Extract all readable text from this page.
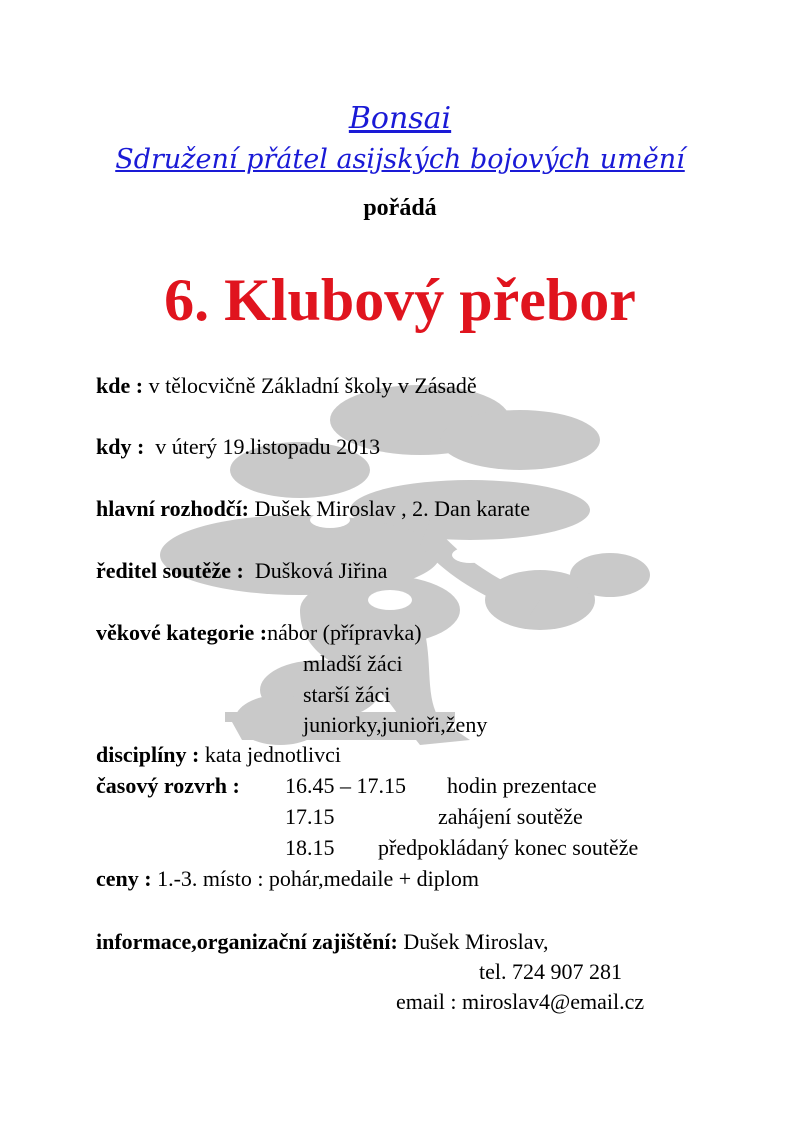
Bonsai
Sdružení přátel asijských bojových umění
pořádá
6. Klubový přebor
kde : v tělocvičně Základní školy v Zásadě
kdy : v úterý 19.listopadu 2013
hlavní rozhodčí: Dušek Miroslav , 2. Dan karate
ředitel soutěže : Dušková Jiřina
věkové kategorie :nábor (přípravka)
mladší žáci
starší žáci
juniorky,junioři,ženy
disciplíny : kata jednotlivci
časový rozvrh : 16.45 – 17.15 hodin prezentace
17.15	zahájení soutěže
18.15 předpokládaný konec soutěže
ceny : 1.-3. místo : pohár,medaile + diplom
informace,organizační zajištění: Dušek Miroslav,
tel. 724 907 281
email : miroslav4@email.cz
